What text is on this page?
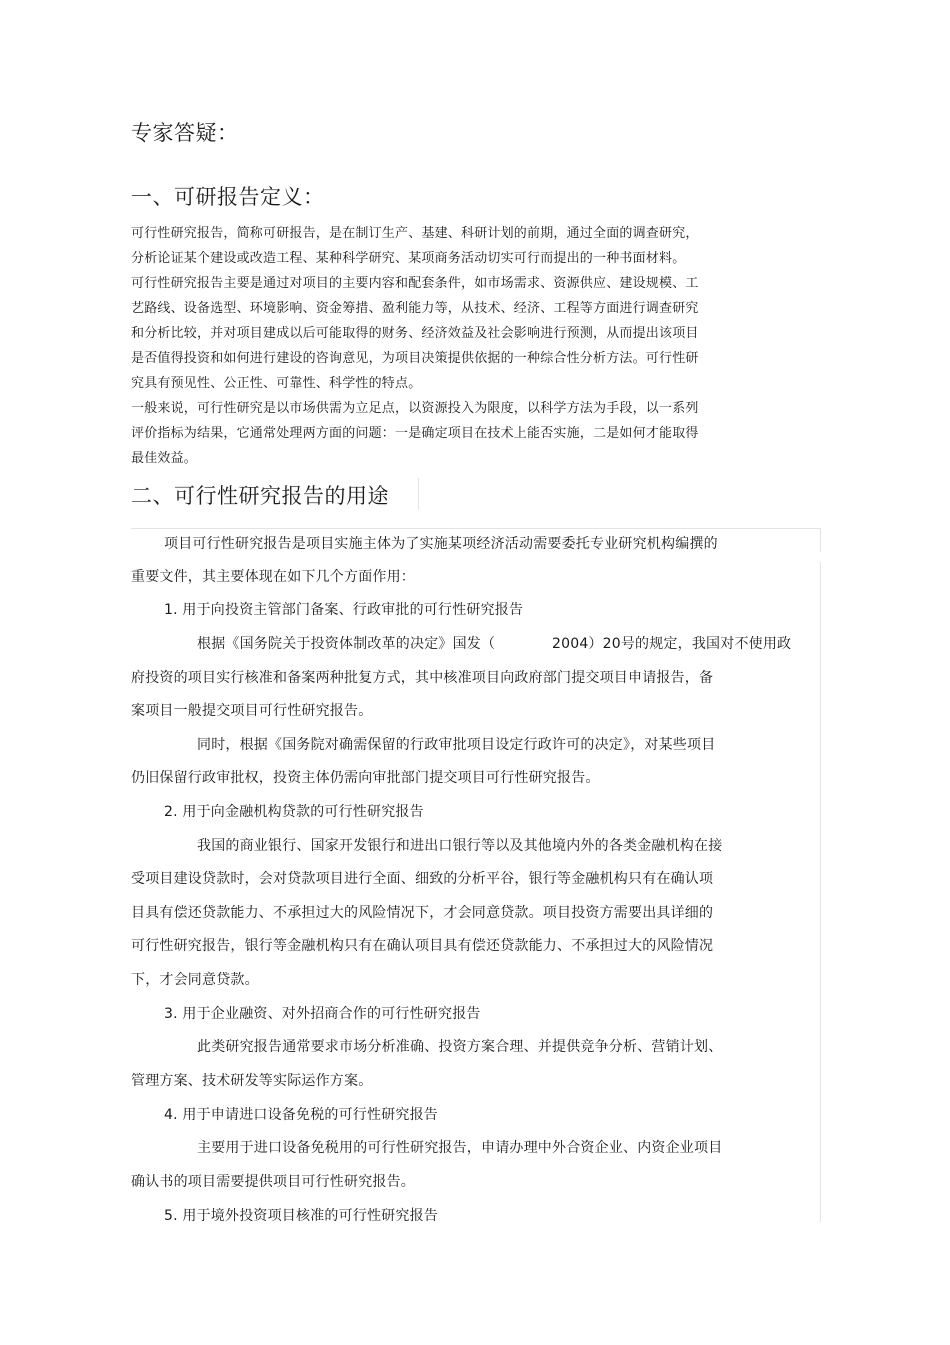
专家答疑：
一、可研报告定义：
可行性研究报告，简称可研报告，是在制订生产、基建、科研计划的前期，通过全面的调查研究，
分析论证某个建设或改造工程、某种科学研究、某项商务活动切实可行而提出的一种书面材料。
可行性研究报告主要是通过对项目的主要内容和配套条件，如市场需求、资源供应、建设规模、工
艺路线、设备选型、环境影响、资金筹措、盈利能力等，从技术、经济、工程等方面进行调查研究
和分析比较，并对项目建成以后可能取得的财务、经济效益及社会影响进行预测，从而提出该项目
是否值得投资和如何进行建设的咨询意见，为项目决策提供依据的一种综合性分析方法。可行性研
究具有预见性、公正性、可靠性、科学性的特点。
一般来说，可行性研究是以市场供需为立足点，以资源投入为限度，以科学方法为手段，以一系列
评价指标为结果，它通常处理两方面的问题：一是确定项目在技术上能否实施，二是如何才能取得
最佳效益。
二、可行性研究报告的用途
项目可行性研究报告是项目实施主体为了实施某项经济活动需要委托专业研究机构编撰的
重要文件，其主要体现在如下几个方面作用：
1. 用于向投资主管部门备案、行政审批的可行性研究报告
根据《国务院关于投资体制改革的决定》国发（	2004）20号的规定，我国对不使用政
府投资的项目实行核准和备案两种批复方式，其中核准项目向政府部门提交项目申请报告，备
案项目一般提交项目可行性研究报告。
同时，根据《国务院对确需保留的行政审批项目设定行政许可的决定》，对某些项目
仍旧保留行政审批权，投资主体仍需向审批部门提交项目可行性研究报告。
2. 用于向金融机构贷款的可行性研究报告
我国的商业银行、国家开发银行和进出口银行等以及其他境内外的各类金融机构在接
受项目建设贷款时，会对贷款项目进行全面、细致的分析平谷，银行等金融机构只有在确认项
目具有偿还贷款能力、不承担过大的风险情况下，才会同意贷款。项目投资方需要出具详细的
可行性研究报告，银行等金融机构只有在确认项目具有偿还贷款能力、不承担过大的风险情况
下，才会同意贷款。
3. 用于企业融资、对外招商合作的可行性研究报告
此类研究报告通常要求市场分析准确、投资方案合理、并提供竞争分析、营销计划、
管理方案、技术研发等实际运作方案。
4. 用于申请进口设备免税的可行性研究报告
主要用于进口设备免税用的可行性研究报告，申请办理中外合资企业、内资企业项目
确认书的项目需要提供项目可行性研究报告。
5. 用于境外投资项目核准的可行性研究报告
